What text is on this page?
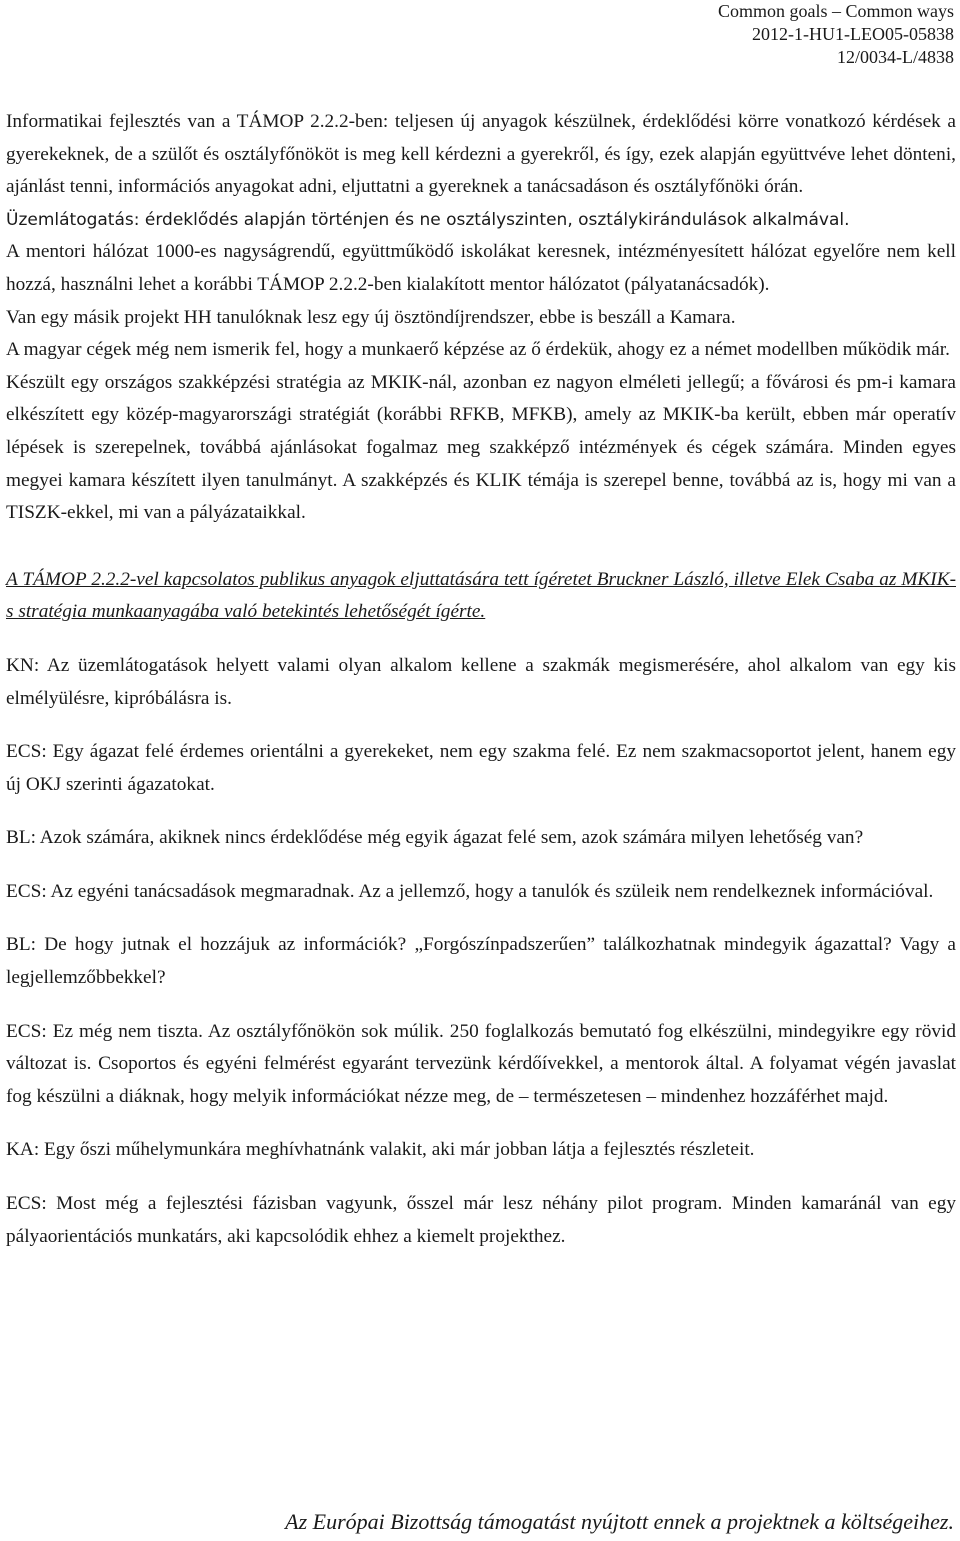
Common goals – Common ways
2012-1-HU1-LEO05-05838
12/0034-L/4838

Informatikai fejlesztés van a TÁMOP 2.2.2-ben: teljesen új anyagok készülnek, érdeklődési körre vonatkozó kérdések a gyerekeknek, de a szülőt és osztályfőnököt is meg kell kérdezni a gyerekről, és így, ezek alapján együttvéve lehet dönteni, ajánlást tenni, információs anyagokat adni, eljuttatni a gyereknek a tanácsadáson és osztályfőnöki órán.

Üzemlátogatás: érdeklődés alapján történjen és ne osztályszinten, osztálykirándulások alkalmával.

A mentori hálózat 1000-es nagyságrendű, együttműködő iskolákat keresnek, intézményesített hálózat egyelőre nem kell hozzá, használni lehet a korábbi TÁMOP 2.2.2-ben kialakított mentor hálózatot (pályatanácsadók).

Van egy másik projekt HH tanulóknak lesz egy új ösztöndíjrendszer, ebbe is beszáll a Kamara.

A magyar cégek még nem ismerik fel, hogy a munkaerő képzése az ő érdekük, ahogy ez a német modellben működik már.

Készült egy országos szakképzési stratégia az MKIK-nál, azonban ez nagyon elméleti jellegű; a fővárosi és pm-i kamara elkészített egy közép-magyarországi stratégiát (korábbi RFKB, MFKB), amely az MKIK-ba került, ebben már operatív lépések is szerepelnek, továbbá ajánlásokat fogalmaz meg szakképző intézmények és cégek számára. Minden egyes megyei kamara készített ilyen tanulmányt. A szakképzés és KLIK témája is szerepel benne, továbbá az is, hogy mi van a TISZK-ekkel, mi van a pályázataikkal.

A TÁMOP 2.2.2-vel kapcsolatos publikus anyagok eljuttatására tett ígéretet Bruckner László, illetve Elek Csaba az MKIK-s stratégia munkaanyagába való betekintés lehetőségét ígérte.

KN: Az üzemlátogatások helyett valami olyan alkalom kellene a szakmák megismerésére, ahol alkalom van egy kis elmélyülésre, kipróbálásra is.

ECS: Egy ágazat felé érdemes orientálni a gyerekeket, nem egy szakma felé. Ez nem szakmacsoportot jelent, hanem egy új OKJ szerinti ágazatokat.

BL: Azok számára, akiknek nincs érdeklődése még egyik ágazat felé sem, azok számára milyen lehetőség van?

ECS: Az egyéni tanácsadások megmaradnak. Az a jellemző, hogy a tanulók és szüleik nem rendelkeznek információval.

BL: De hogy jutnak el hozzájuk az információk? „Forgószínpadszerűen” találkozhatnak mindegyik ágazattal? Vagy a legjellemzőbbekkel?

ECS: Ez még nem tiszta. Az osztályfőnökön sok múlik. 250 foglalkozás bemutató fog elkészülni, mindegyikre egy rövid változat is. Csoportos és egyéni felmérést egyaránt tervezünk kérdőívekkel, a mentorok által. A folyamat végén javaslat fog készülni a diáknak, hogy melyik információkat nézze meg, de – természetesen – mindenhez hozzáférhet majd.

KA: Egy őszi műhelymunkára meghívhatnánk valakit, aki már jobban látja a fejlesztés részleteit.

ECS: Most még a fejlesztési fázisban vagyunk, ősszel már lesz néhány pilot program. Minden kamaránál van egy pályaorientációs munkatárs, aki kapcsolódik ehhez a kiemelt projekthez.

Az Európai Bizottság támogatást nyújtott ennek a projektnek a költségeihez.
